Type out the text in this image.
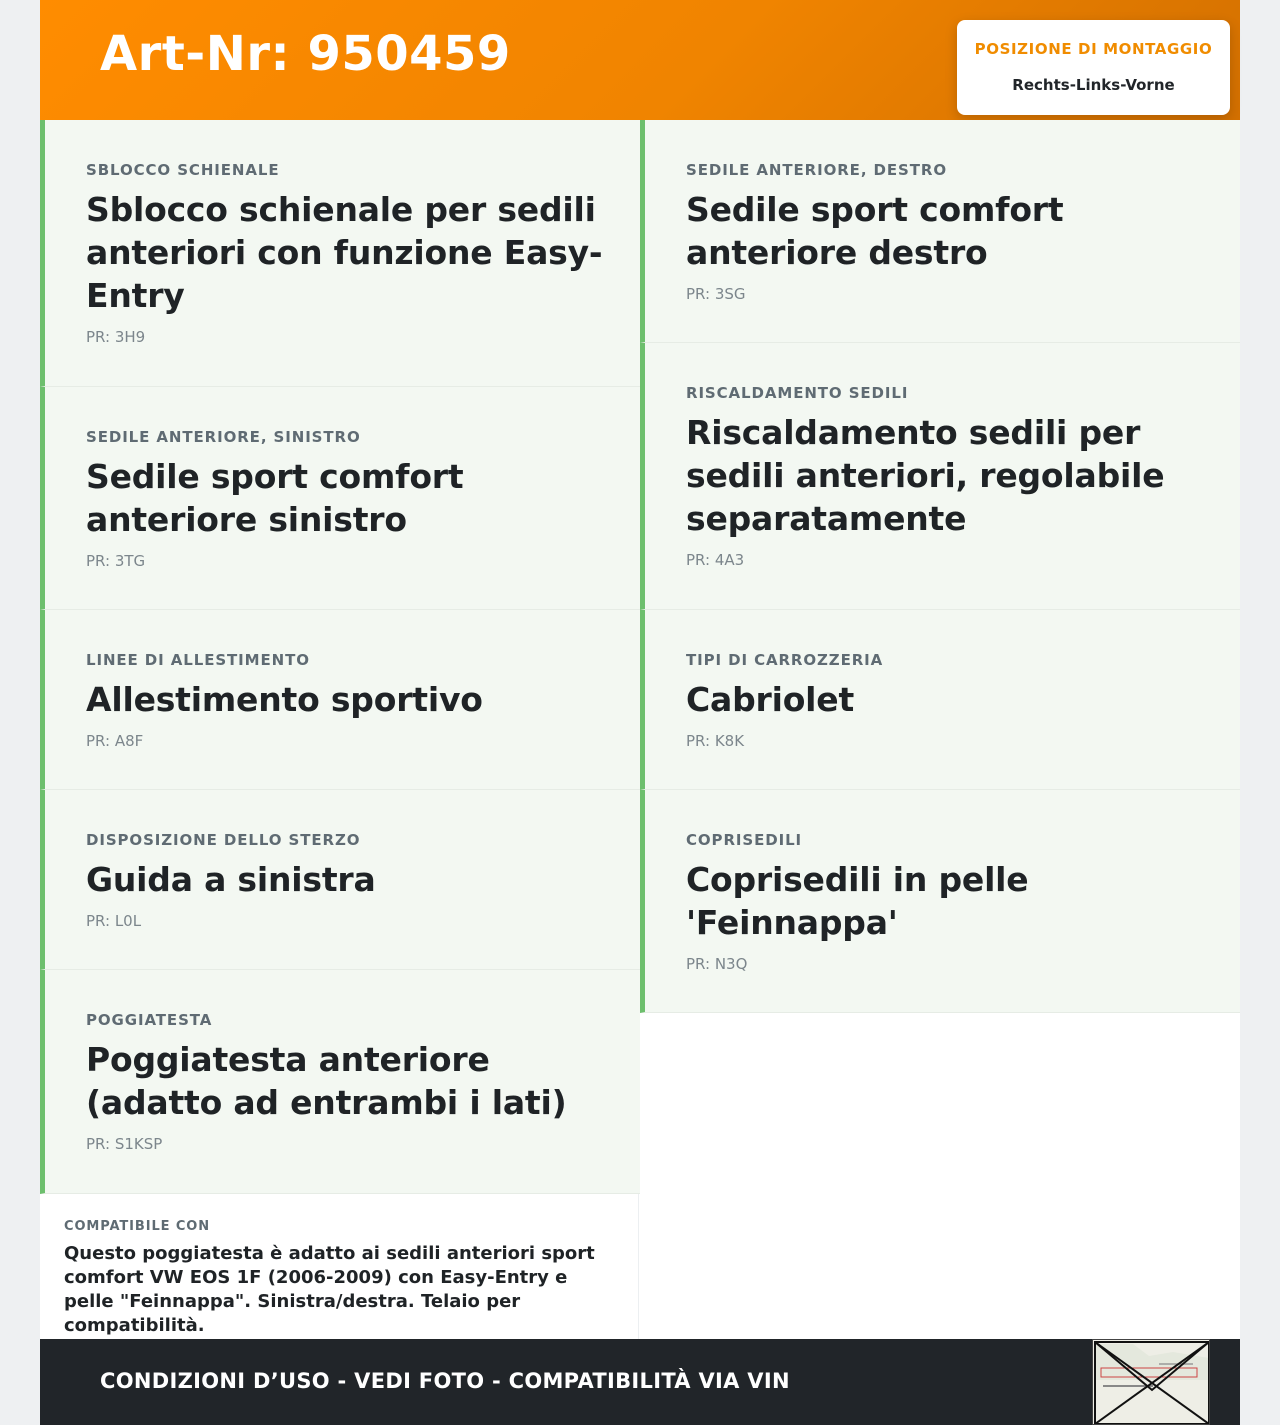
Art-Nr: 950459	POSIZIONE DI MONTAGGIO
Rechts-Links-Vorne
SBLOCCO SCHIENALE
Sblocco schienale per sedili anteriori con funzione Easy-Entry
PR: 3H9
SEDILE ANTERIORE, SINISTRO
Sedile sport comfort anteriore sinistro
PR: 3TG
LINEE DI ALLESTIMENTO
Allestimento sportivo
PR: A8F
DISPOSIZIONE DELLO STERZO
Guida a sinistra
PR: L0L
POGGIATESTA
Poggiatesta anteriore (adatto ad entrambi i lati)
PR: S1KSP
SEDILE ANTERIORE, DESTRO
Sedile sport comfort anteriore destro
PR: 3SG
RISCALDAMENTO SEDILI
Riscaldamento sedili per sedili anteriori, regolabile separatamente
PR: 4A3
TIPI DI CARROZZERIA
Cabriolet
PR: K8K
COPRISEDILI
Coprisedili in pelle 'Feinnappa'
PR: N3Q
COMPATIBILE CON
Questo poggiatesta è adatto ai sedili anteriori sport comfort VW EOS 1F (2006-2009) con Easy-Entry e pelle "Feinnappa". Sinistra/destra. Telaio per compatibilità.
CONDIZIONI D’USO - VEDI FOTO - COMPATIBILITÀ VIA VIN
